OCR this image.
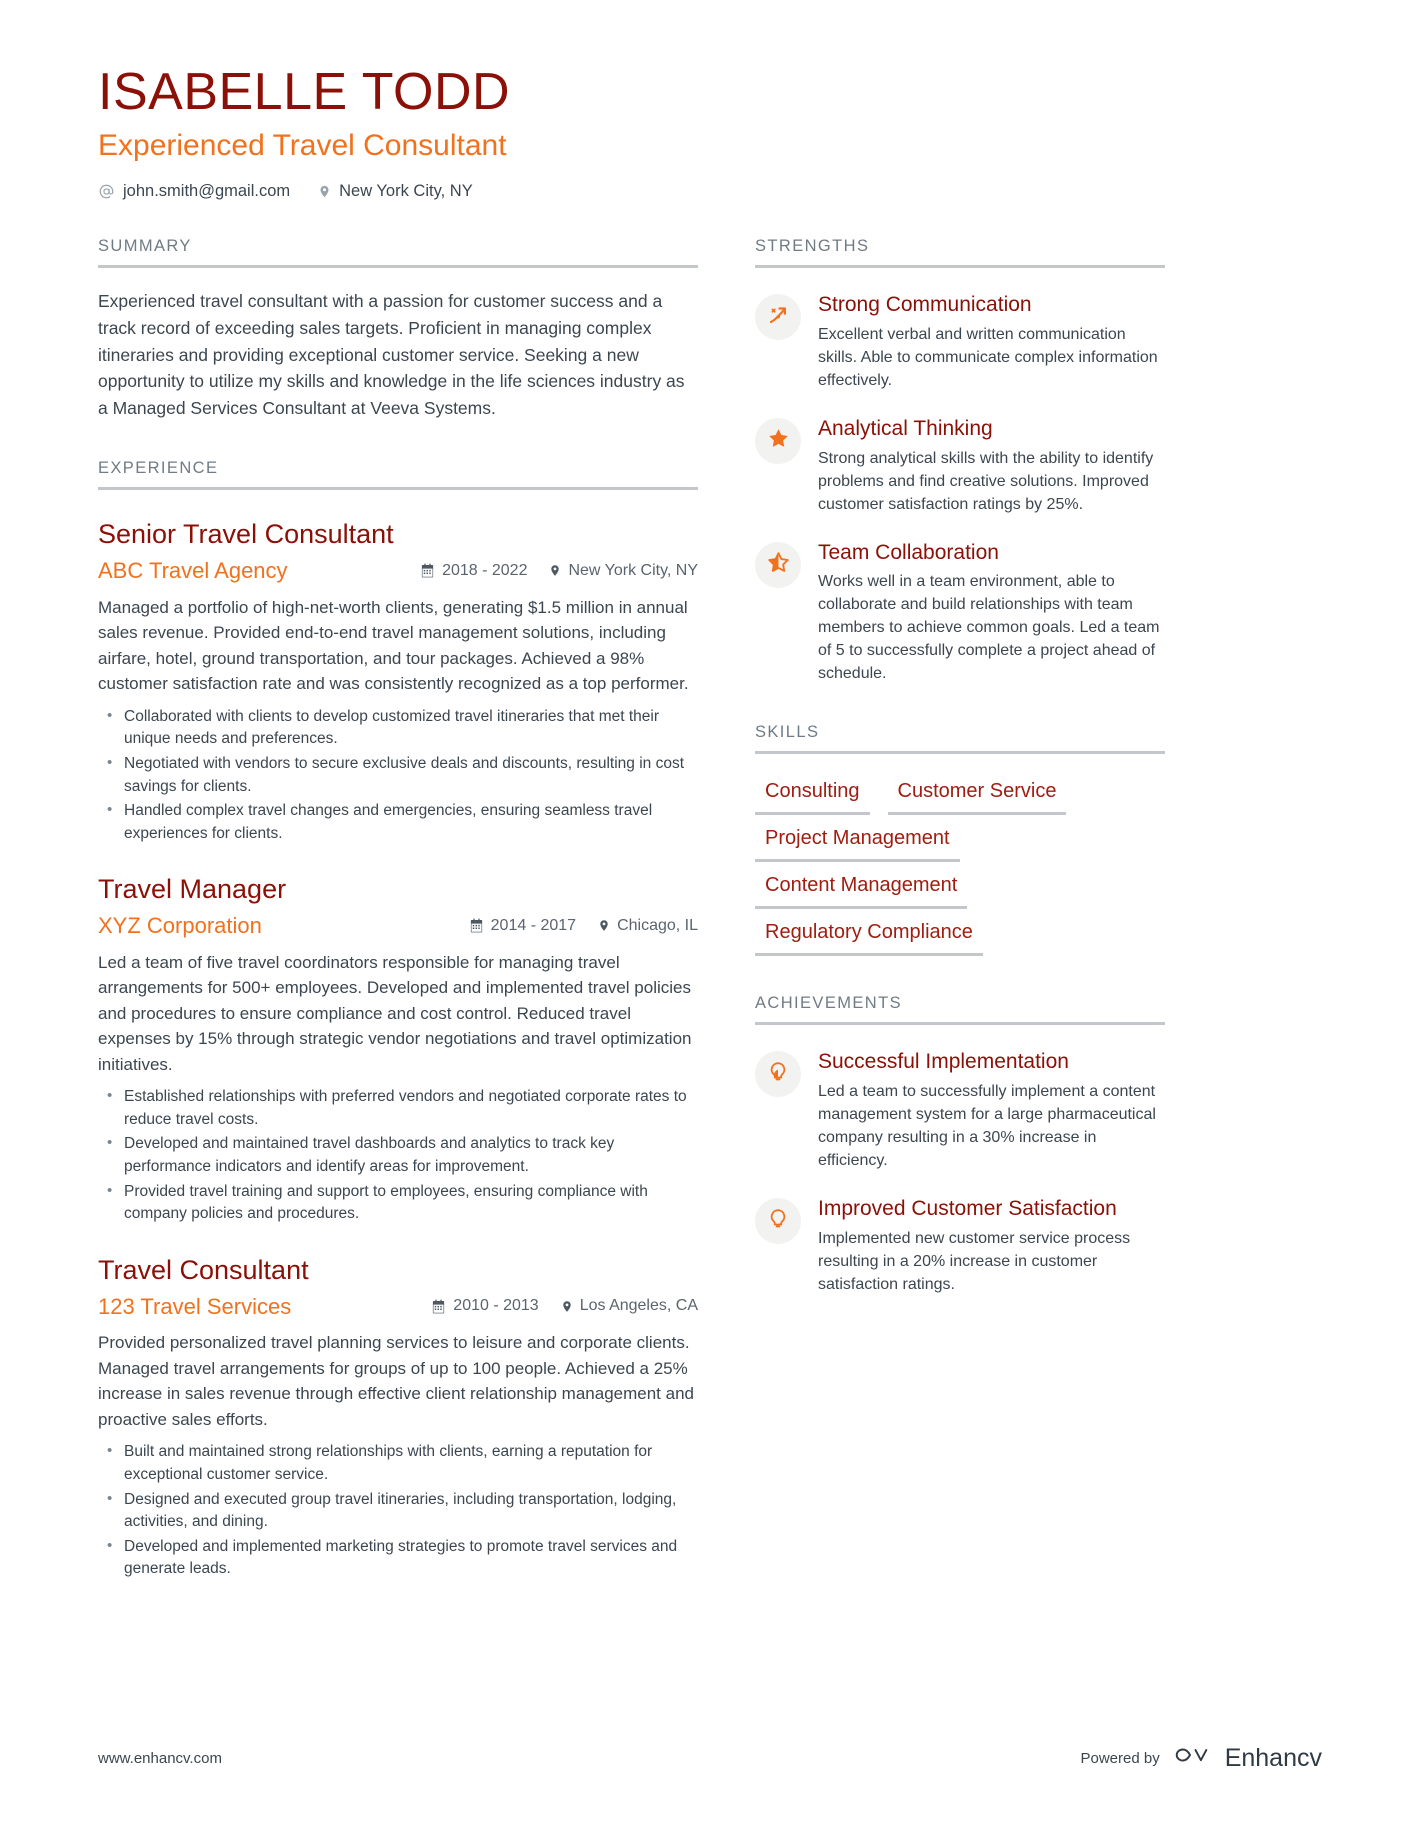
ISABELLE TODD
Experienced Travel Consultant
john.smith@gmail.com	New York City, NY
SUMMARY
Experienced travel consultant with a passion for customer success and a track record of exceeding sales targets. Proficient in managing complex itineraries and providing exceptional customer service. Seeking a new opportunity to utilize my skills and knowledge in the life sciences industry as a Managed Services Consultant at Veeva Systems.
EXPERIENCE
Senior Travel Consultant
ABC Travel Agency	2018 - 2022	New York City, NY
Managed a portfolio of high-net-worth clients, generating $1.5 million in annual sales revenue. Provided end-to-end travel management solutions, including airfare, hotel, ground transportation, and tour packages. Achieved a 98% customer satisfaction rate and was consistently recognized as a top performer.
• Collaborated with clients to develop customized travel itineraries that met their unique needs and preferences.
• Negotiated with vendors to secure exclusive deals and discounts, resulting in cost savings for clients.
• Handled complex travel changes and emergencies, ensuring seamless travel experiences for clients.
Travel Manager
XYZ Corporation	2014 - 2017	Chicago, IL
Led a team of five travel coordinators responsible for managing travel arrangements for 500+ employees. Developed and implemented travel policies and procedures to ensure compliance and cost control. Reduced travel expenses by 15% through strategic vendor negotiations and travel optimization initiatives.
• Established relationships with preferred vendors and negotiated corporate rates to reduce travel costs.
• Developed and maintained travel dashboards and analytics to track key performance indicators and identify areas for improvement.
• Provided travel training and support to employees, ensuring compliance with company policies and procedures.
Travel Consultant
123 Travel Services	2010 - 2013	Los Angeles, CA
Provided personalized travel planning services to leisure and corporate clients. Managed travel arrangements for groups of up to 100 people. Achieved a 25% increase in sales revenue through effective client relationship management and proactive sales efforts.
• Built and maintained strong relationships with clients, earning a reputation for exceptional customer service.
• Designed and executed group travel itineraries, including transportation, lodging, activities, and dining.
• Developed and implemented marketing strategies to promote travel services and generate leads.
STRENGTHS
Strong Communication
Excellent verbal and written communication skills. Able to communicate complex information effectively.
Analytical Thinking
Strong analytical skills with the ability to identify problems and find creative solutions. Improved customer satisfaction ratings by 25%.
Team Collaboration
Works well in a team environment, able to collaborate and build relationships with team members to achieve common goals. Led a team of 5 to successfully complete a project ahead of schedule.
SKILLS
Consulting	Customer Service
Project Management
Content Management
Regulatory Compliance
ACHIEVEMENTS
Successful Implementation
Led a team to successfully implement a content management system for a large pharmaceutical company resulting in a 30% increase in efficiency.
Improved Customer Satisfaction
Implemented new customer service process resulting in a 20% increase in customer satisfaction ratings.
www.enhancv.com	Powered by	Enhancv
